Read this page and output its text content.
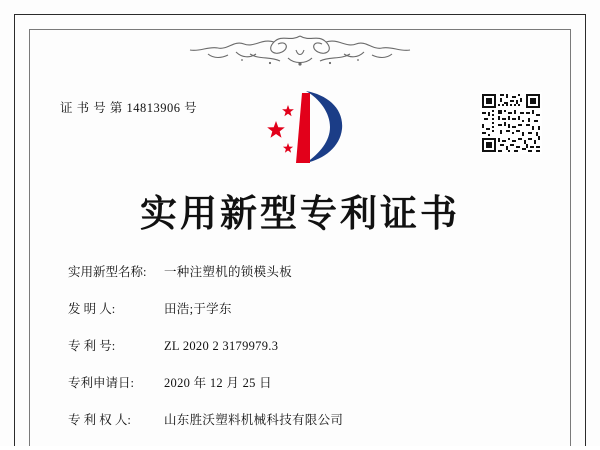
证 书 号 第 14813906 号
实用新型专利证书
实用新型名称:	一种注塑机的锁模头板
发 明 人:	田浩;于学东
专 利 号:	ZL 2020 2 3179979.3
专利申请日:	2020 年 12 月 25 日
专 利 权 人:	山东胜沃塑料机械科技有限公司
